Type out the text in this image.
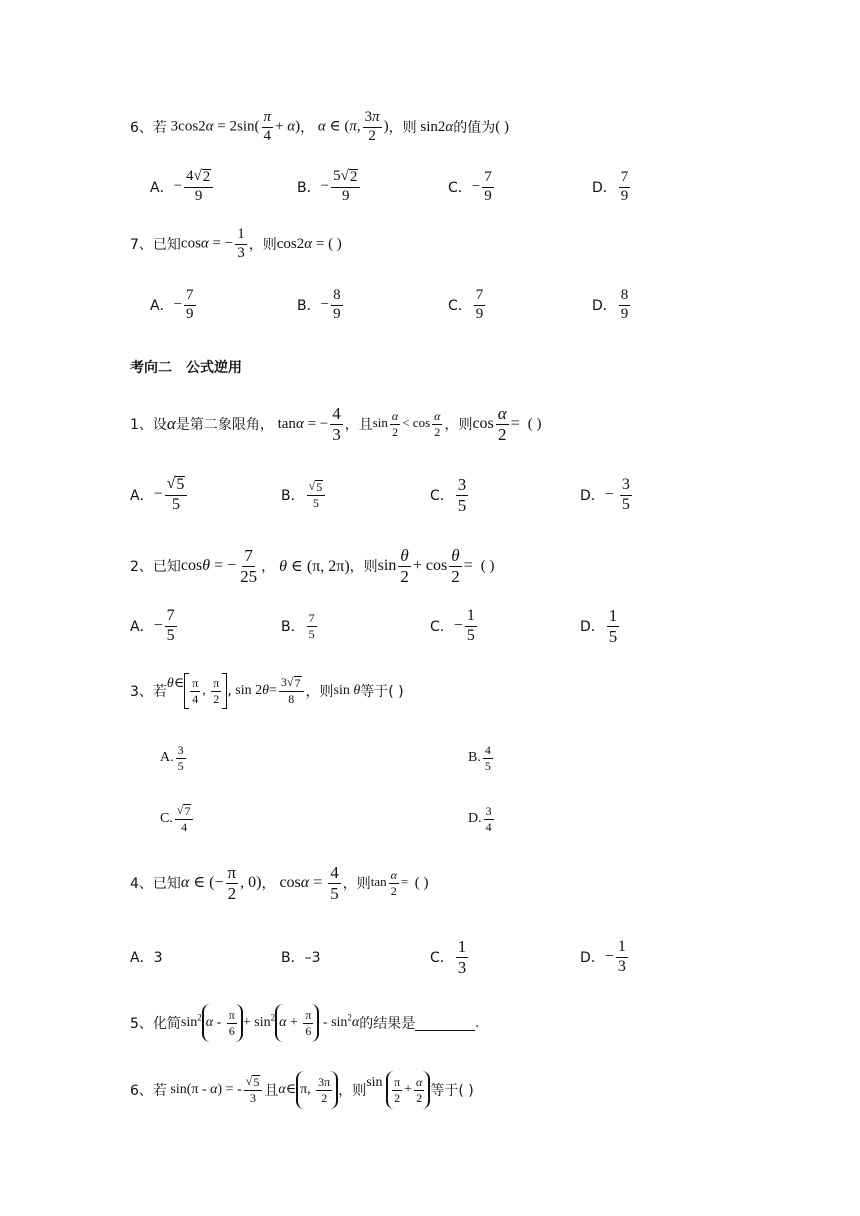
6、 若 $3\cos 2\alpha = 2\sin( \frac{\pi}{4} + \alpha)$ ， α ∈ (π, $\frac{3\pi}{2}$ ) ，则 sin2α 的值为 ( )
A． − $\frac{4 √ 2}{9}$	B． − $\frac{5 √ 2}{9}$	C． − $\frac{7}{9}$	D． $\frac{7}{9}$
7、 已知 cosα = − $\frac{1}{3}$ ，则 cos2α = ( )
A． − $\frac{7}{9}$	B． − $\frac{8}{9}$	C． $\frac{7}{9}$	D． $\frac{8}{9}$
考向二　公式逆用
1、 设 α 是第二象限角， tanα = − $\frac{4}{3}$ ，且 $\sin \frac{\alpha}{2} < \cos \frac{\alpha}{2}$ ，则 $\cos \frac{\alpha}{2}$ = ( )
A． − $\frac{√ 5}{5}$	B． $\frac{√ 5}{5}$	C． $\frac{3}{5}$	D． − $\frac{3}{5}$
2、 已知 cosθ = − $\frac{7}{25}$ ， θ ∈ (π, 2π) ，则 $\sin \frac{\theta}{2} + \cos \frac{\theta}{2}$ = ( )
A． − $\frac{7}{5}$	B． $\frac{7}{5}$	C． − $\frac{1}{5}$	D． $\frac{1}{5}$
3、 若
θ∈ $\frac{\pi}{4}$ , $\frac{\pi}{2}$ , $\sin 2\theta= \frac{3 √ 7}{8}$ ，则 sin θ 等于( )
A. $\frac{3}{5}$	B. $\frac{4}{5}$
C. $\frac{√ 7}{4}$	D. $\frac{3}{4}$
4、 已知 α ∈ (− $\frac{\pi}{2}$ , 0) ， $\cos\alpha = \frac{4}{5}$ ，则 $\tan \frac{\alpha}{2}$ = ( )
A．3	B．–3	C． $\frac{1}{3}$	D． − $\frac{1}{3}$
5、 化简 $\sin^2 \alpha - \frac{\pi}{6} + \sin^2 \alpha + \frac{\pi}{6} - \sin^2\alpha$ 的结果是	.
6、 若 sin(π - α) = - $\frac{√ 5}{3}$ 且 α∈ π, $\frac{3\pi}{2}$ ，则
$\sin \frac{\pi}{2} + \frac{\alpha}{2}$ 等于( )
